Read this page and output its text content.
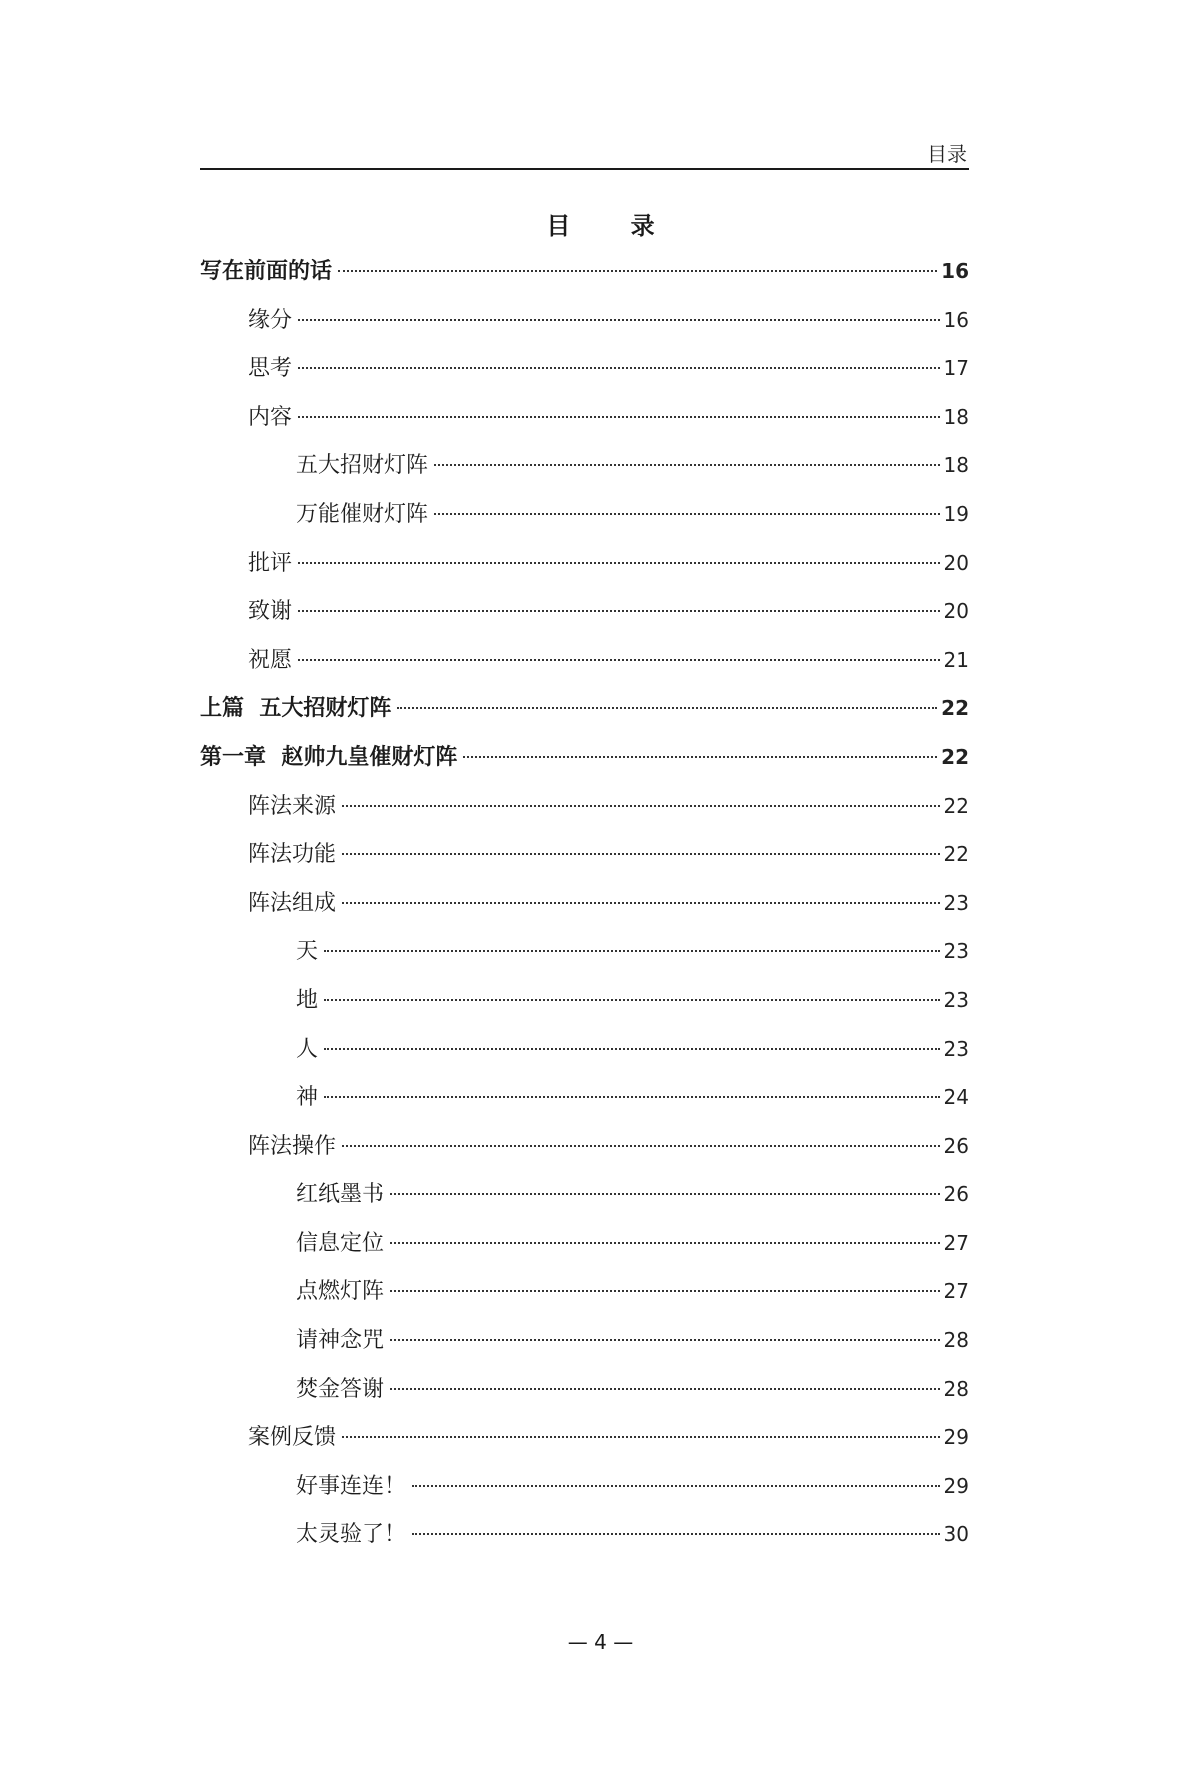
目录
目 录
写在前面的话	16
缘分	16
思考	17
内容	18
五大招财灯阵	18
万能催财灯阵	19
批评	20
致谢	20
祝愿	21
上篇  五大招财灯阵	22
第一章  赵帅九皇催财灯阵	22
阵法来源	22
阵法功能	22
阵法组成	23
天	23
地	23
人	23
神	24
阵法操作	26
红纸墨书	26
信息定位	27
点燃灯阵	27
请神念咒	28
焚金答谢	28
案例反馈	29
好事连连！	29
太灵验了！	30
— 4 —
